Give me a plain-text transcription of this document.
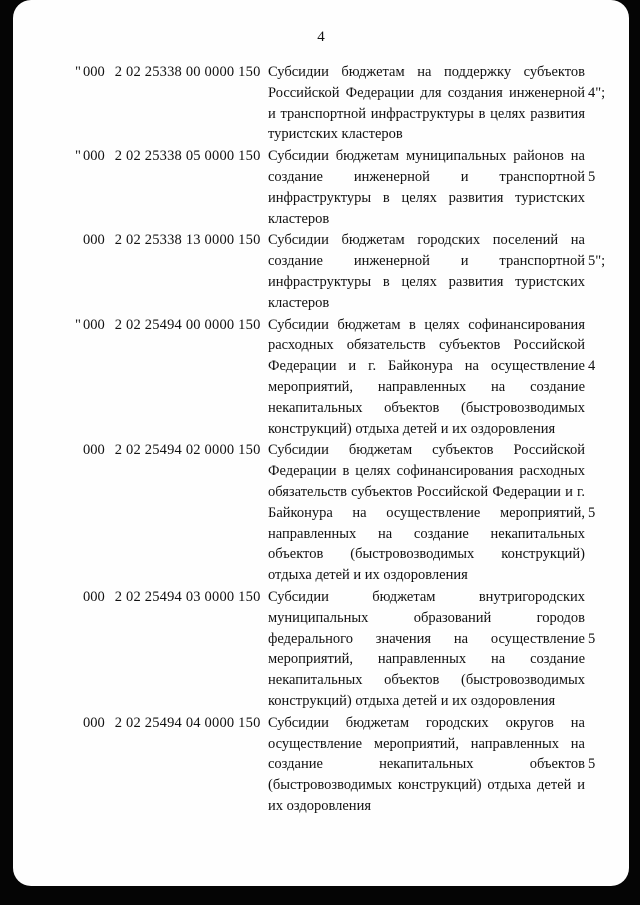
4
" 000 2 02 25338 00 0000 150 Субсидии бюджетам на поддержку субъектов Российской Федерации для создания инженерной и транспортной инфраструктуры в целях развития туристских кластеров
4";
" 000 2 02 25338 05 0000 150 Субсидии бюджетам муниципальных районов на создание инженерной и транспортной инфраструктуры в целях развития туристских кластеров
5
000 2 02 25338 13 0000 150 Субсидии бюджетам городских поселений на создание инженерной и транспортной инфраструктуры в целях развития туристских кластеров
5";
" 000 2 02 25494 00 0000 150 Субсидии бюджетам в целях софинансирования расходных обязательств субъектов Российской Федерации и г. Байконура на осуществление мероприятий, направленных на создание некапитальных объектов (быстровозводимых конструкций) отдыха детей и их оздоровления
4
000 2 02 25494 02 0000 150 Субсидии бюджетам субъектов Российской Федерации в целях софинансирования расходных обязательств субъектов Российской Федерации и г. Байконура на осуществление мероприятий, направленных на создание некапитальных объектов (быстровозводимых конструкций) отдыха детей и их оздоровления
5
000 2 02 25494 03 0000 150 Субсидии бюджетам внутригородских муниципальных образований городов федерального значения на осуществление мероприятий, направленных на создание некапитальных объектов (быстровозводимых конструкций) отдыха детей и их оздоровления
5
000 2 02 25494 04 0000 150 Субсидии бюджетам городских округов на осуществление мероприятий, направленных на создание некапитальных объектов (быстровозводимых конструкций) отдыха детей и их оздоровления
5
